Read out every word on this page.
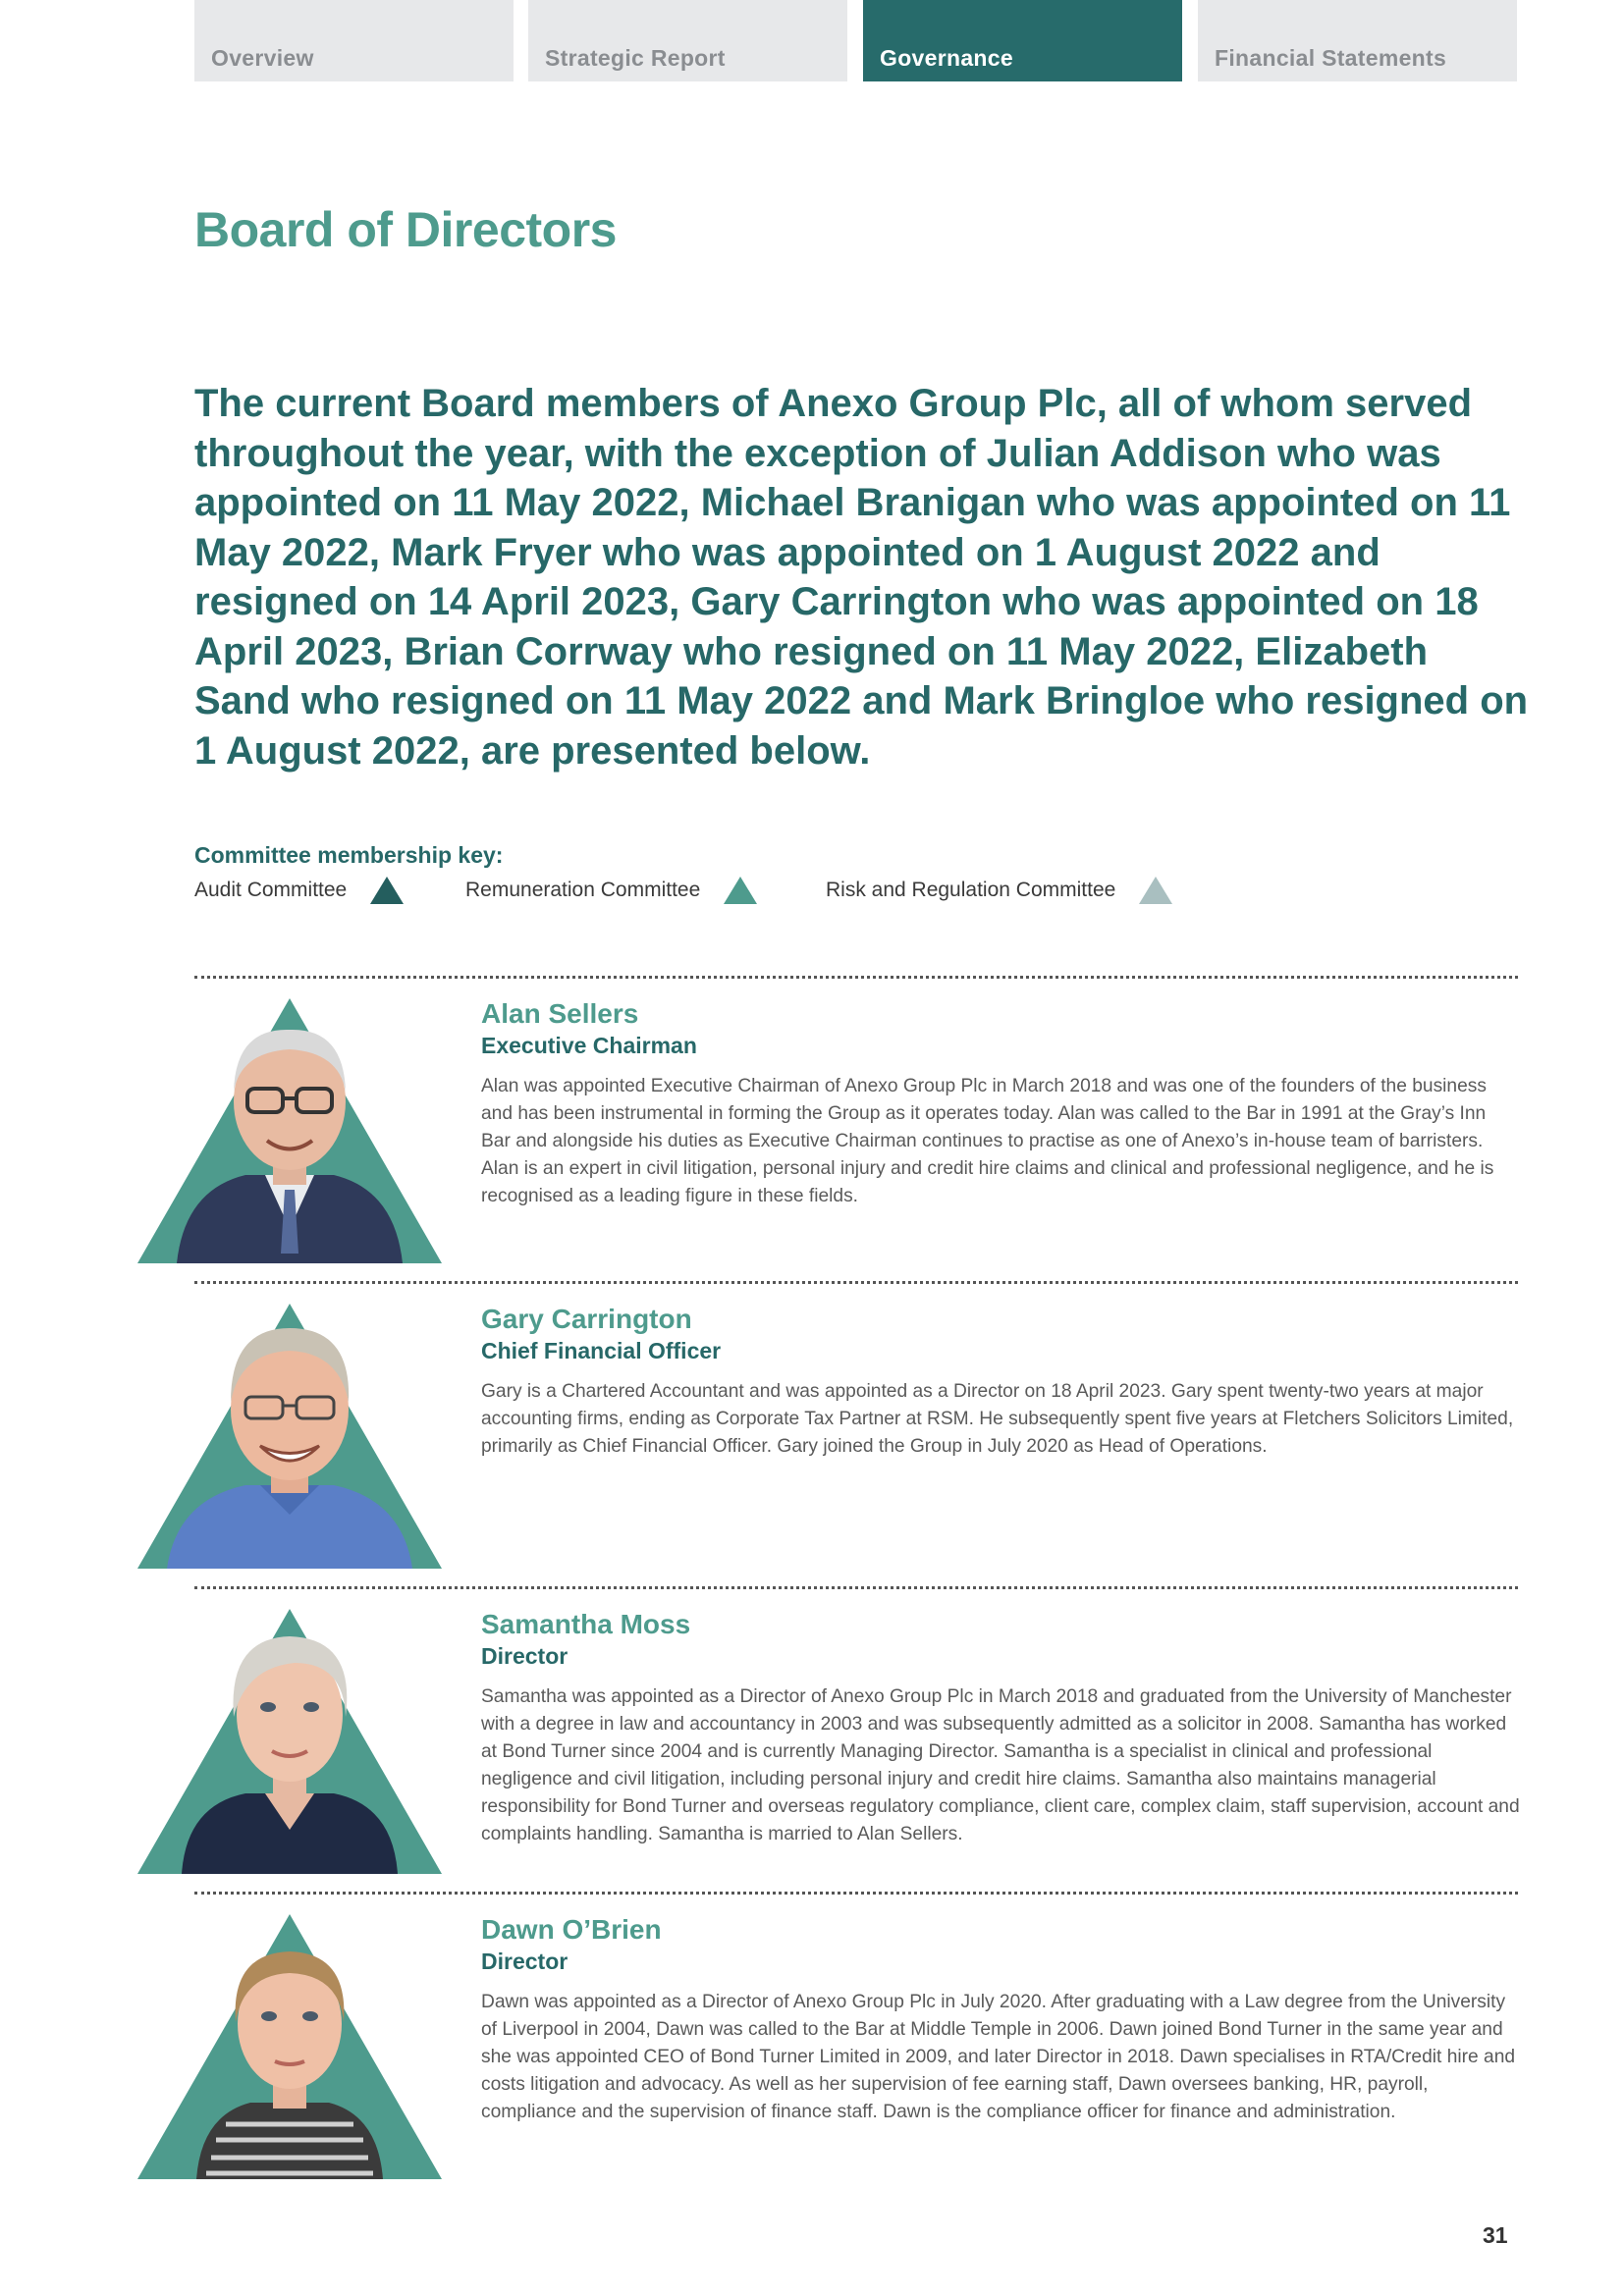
Overview	Strategic Report	Governance	Financial Statements
Board of Directors

The current Board members of Anexo Group Plc, all of whom served throughout the year, with the exception of Julian Addison who was appointed on 11 May 2022, Michael Branigan who was appointed on 11 May 2022, Mark Fryer who was appointed on 1 August 2022 and resigned on 14 April 2023, Gary Carrington who was appointed on 18 April 2023, Brian Corrway who resigned on 11 May 2022, Elizabeth Sand who resigned on 11 May 2022 and Mark Bringloe who resigned on 1 August 2022, are presented below.

Committee membership key:
Audit Committee	Remuneration Committee	Risk and Regulation Committee
Alan Sellers
Executive Chairman

Alan was appointed Executive Chairman of Anexo Group Plc in March 2018 and was one of the founders of the business and has been instrumental in forming the Group as it operates today. Alan was called to the Bar in 1991 at the Gray’s Inn Bar and alongside his duties as Executive Chairman continues to practise as one of Anexo’s in-house team of barristers. Alan is an expert in civil litigation, personal injury and credit hire claims and clinical and professional negligence, and he is recognised as a leading figure in these fields.

Gary Carrington
Chief Financial Officer

Gary is a Chartered Accountant and was appointed as a Director on 18 April 2023. Gary spent twenty-two years at major accounting firms, ending as Corporate Tax Partner at RSM. He subsequently spent five years at Fletchers Solicitors Limited, primarily as Chief Financial Officer. Gary joined the Group in July 2020 as Head of Operations.

Samantha Moss
Director

Samantha was appointed as a Director of Anexo Group Plc in March 2018 and graduated from the University of Manchester with a degree in law and accountancy in 2003 and was subsequently admitted as a solicitor in 2008. Samantha has worked at Bond Turner since 2004 and is currently Managing Director. Samantha is a specialist in clinical and professional negligence and civil litigation, including personal injury and credit hire claims. Samantha also maintains managerial responsibility for Bond Turner and overseas regulatory compliance, client care, complex claim, staff supervision, account and complaints handling. Samantha is married to Alan Sellers.

Dawn O’Brien
Director

Dawn was appointed as a Director of Anexo Group Plc in July 2020. After graduating with a Law degree from the University of Liverpool in 2004, Dawn was called to the Bar at Middle Temple in 2006. Dawn joined Bond Turner in the same year and she was appointed CEO of Bond Turner Limited in 2009, and later Director in 2018. Dawn specialises in RTA/Credit hire and costs litigation and advocacy. As well as her supervision of fee earning staff, Dawn oversees banking, HR, payroll, compliance and the supervision of finance staff. Dawn is the compliance officer for finance and administration.

31
